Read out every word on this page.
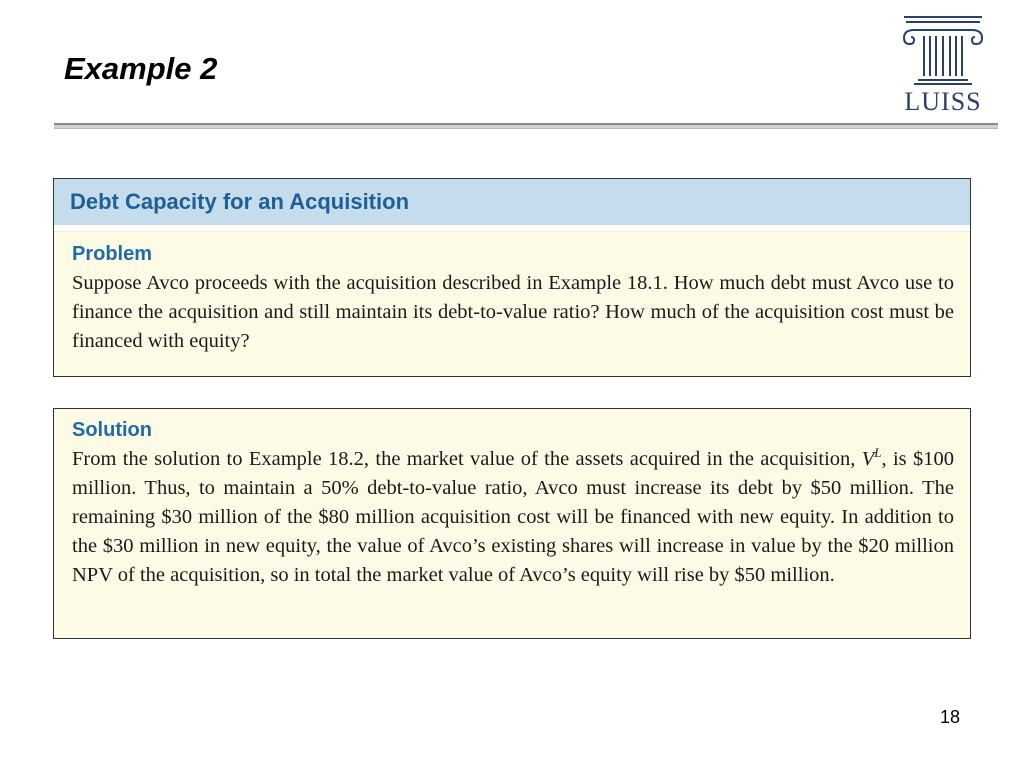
Example 2
LUISS
Debt Capacity for an Acquisition
Problem

Suppose Avco proceeds with the acquisition described in Example 18.1. How much debt must Avco use to finance the acquisition and still maintain its debt-to-value ratio? How much of the acquisition cost must be financed with equity?

Solution

From the solution to Example 18.2, the market value of the assets acquired in the acquisition, $V^L$, is $100 million. Thus, to maintain a 50% debt-to-value ratio, Avco must increase its debt by $50 million. The remaining $30 million of the $80 million acquisition cost will be financed with new equity. In addition to the $30 million in new equity, the value of Avco’s existing shares will increase in value by the $20 million NPV of the acquisition, so in total the market value of Avco’s equity will rise by $50 million.

18
